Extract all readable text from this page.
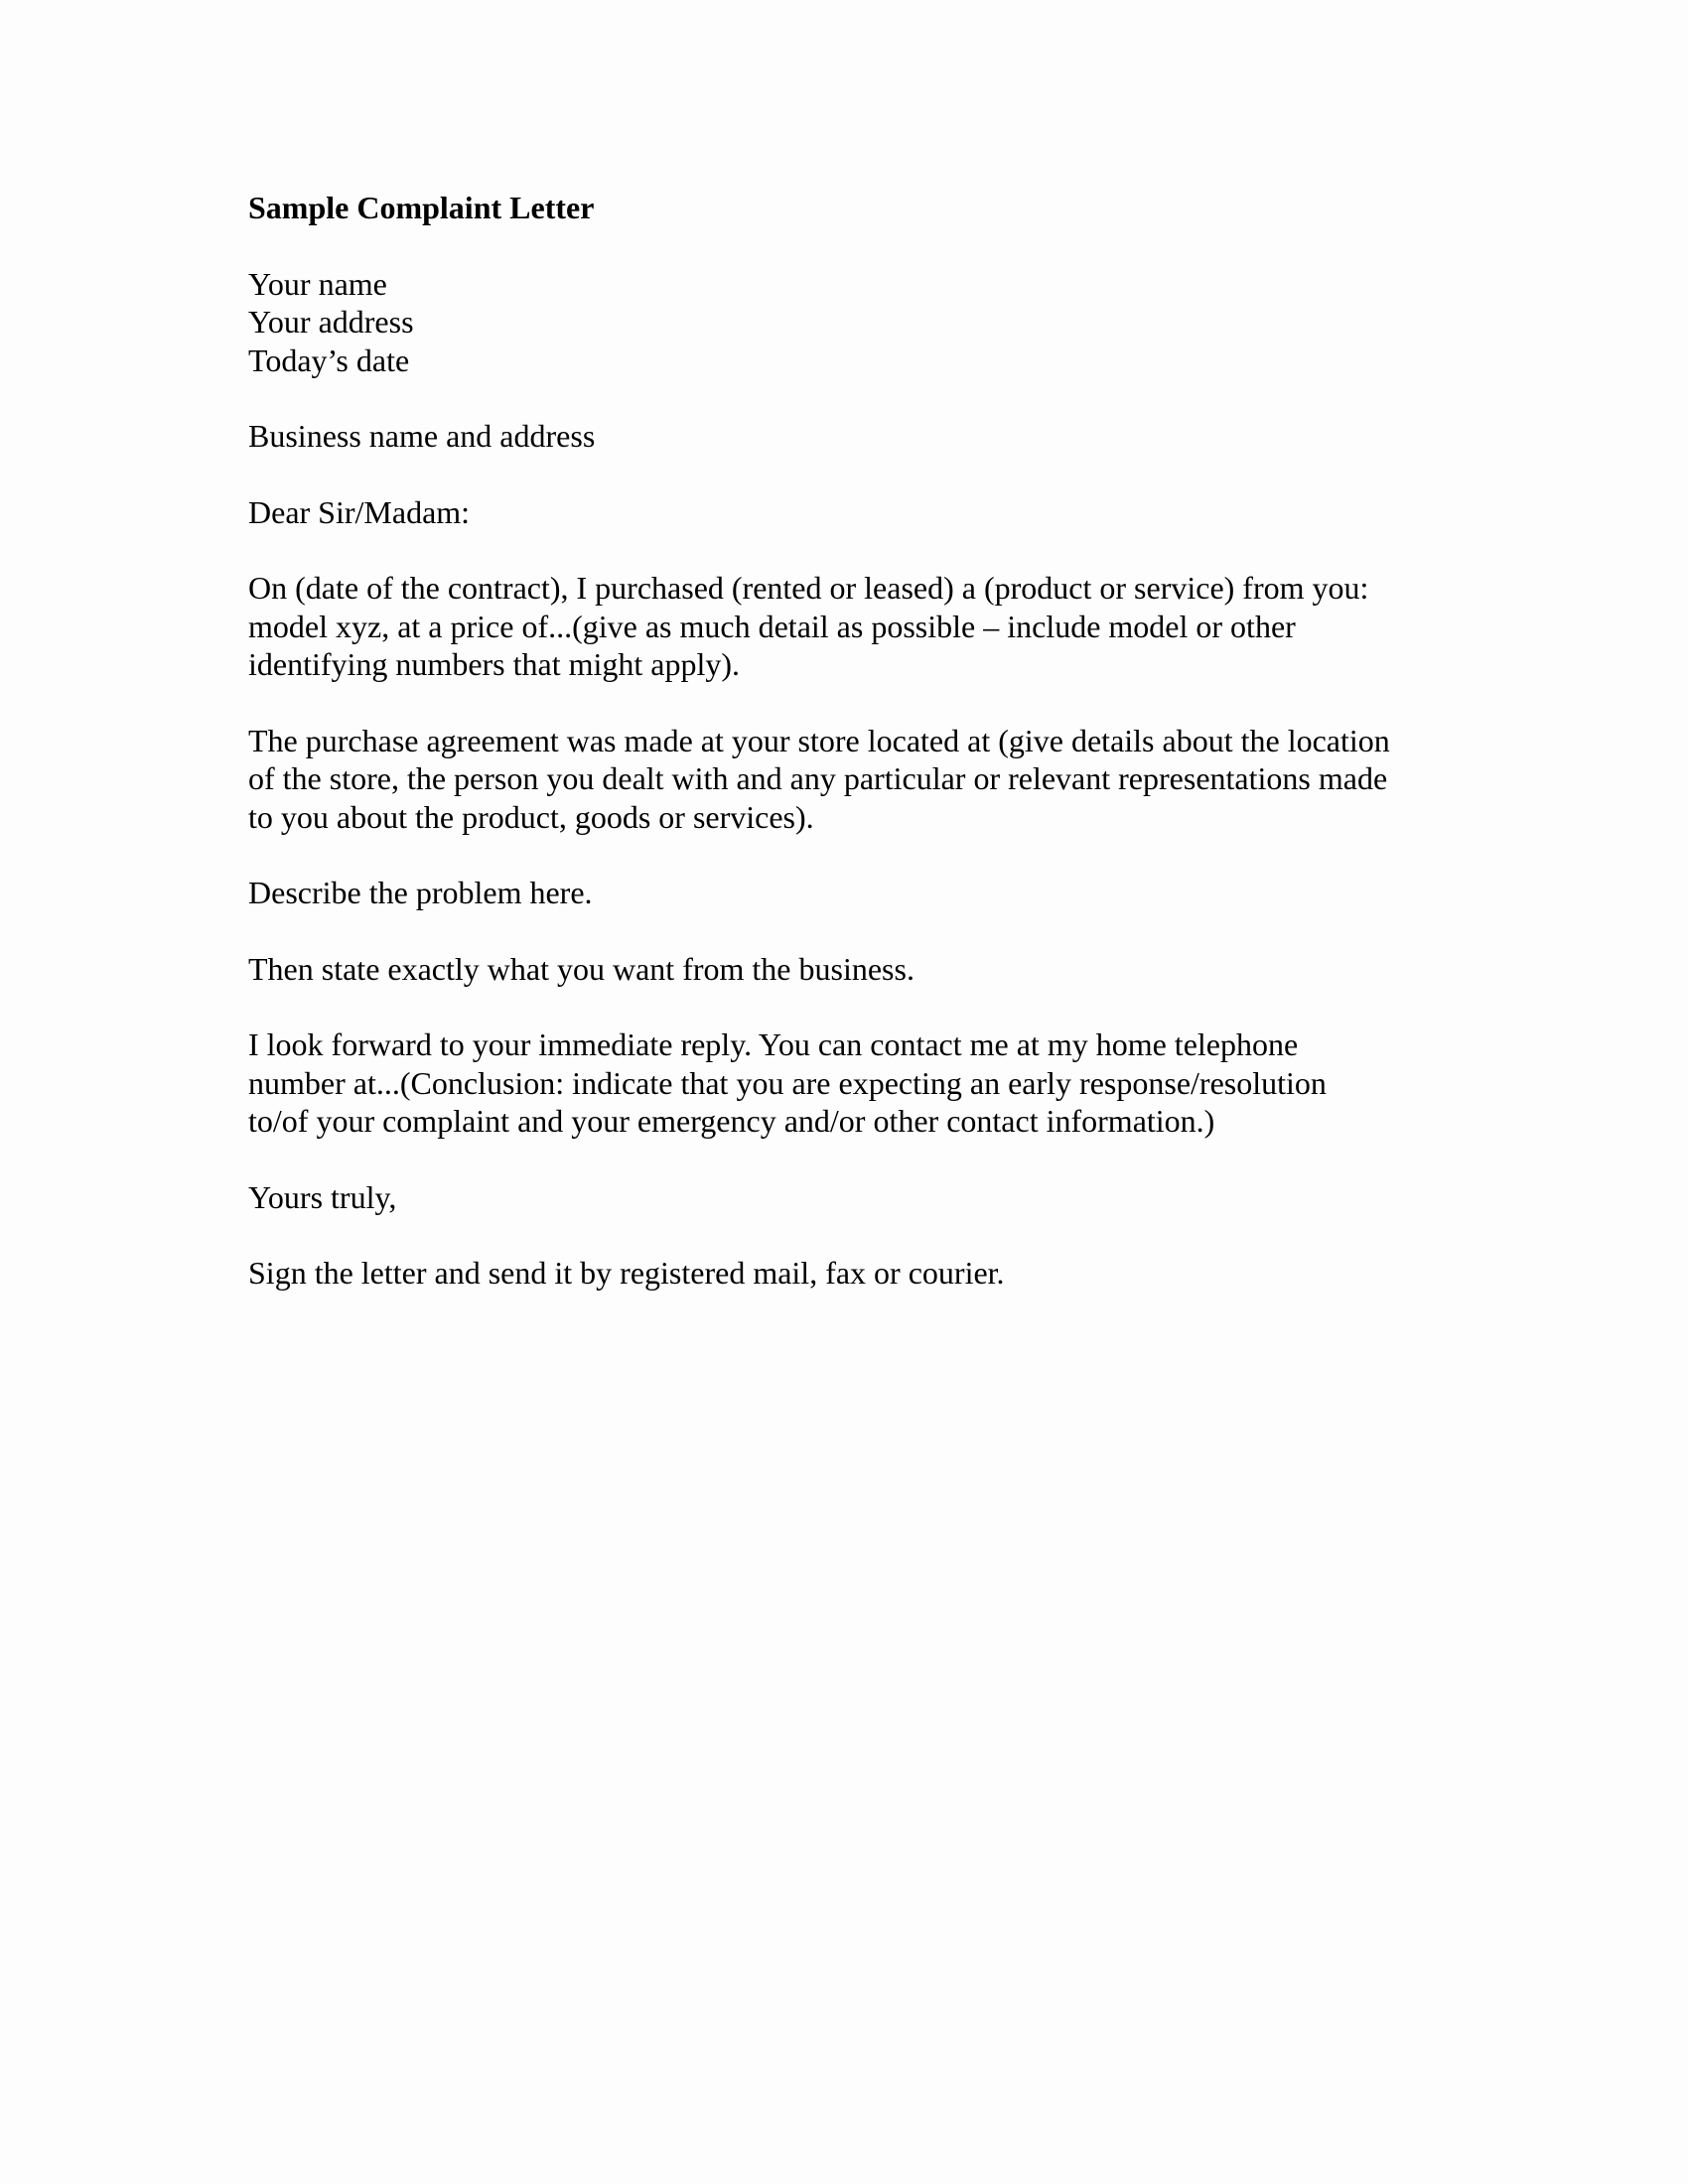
Sample Complaint Letter
Your name
Your address
Today’s date
Business name and address
Dear Sir/Madam:
On (date of the contract), I purchased (rented or leased) a (product or service) from you:
model xyz, at a price of...(give as much detail as possible – include model or other
identifying numbers that might apply).
The purchase agreement was made at your store located at (give details about the location
of the store, the person you dealt with and any particular or relevant representations made
to you about the product, goods or services).
Describe the problem here.
Then state exactly what you want from the business.
I look forward to your immediate reply. You can contact me at my home telephone
number at...(Conclusion: indicate that you are expecting an early response/resolution
to/of your complaint and your emergency and/or other contact information.)
Yours truly,
Sign the letter and send it by registered mail, fax or courier.
